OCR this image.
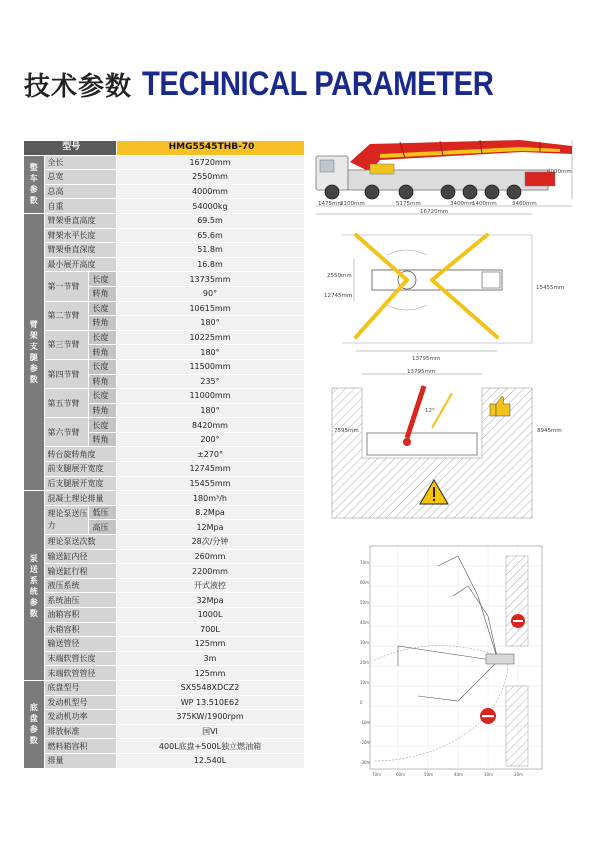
技术参数 TECHNICAL PARAMETER
型号			HMG5545THB-70
整车参数	全长		16720mm
	总宽		2550mm
	总高		4000mm
	自重		54000kg
臂架支腿参数	臂架垂直高度		69.5m
	臂架水平长度		65.6m
	臂架垂直深度		51.8m
	最小展开高度		16.8m
	第一节臂	长度	13735mm
		转角	90°
	第二节臂	长度	10615mm
		转角	180°
	第三节臂	长度	10225mm
		转角	180°
	第四节臂	长度	11500mm
		转角	235°
	第五节臂	长度	11000mm
		转角	180°
	第六节臂	长度	8420mm
		转角	200°
	转台旋转角度		±270°
	前支腿展开宽度		12745mm
	后支腿展开宽度		15455mm
泵送系统参数	混凝土理论排量		180m³/h
	理论泵送压力	低压	8.2Mpa
		高压	12Mpa
	理论泵送次数		28次/分钟
	输送缸内径		260mm
	输送缸行程		2200mm
	液压系统		开式液控
	系统油压		32Mpa
	油箱容积		1000L
	水箱容积		700L
	输送管径		125mm
	末端软管长度		3m
	末端软管管径		125mm
底盘参数	底盘型号		SX5548XDCZ2
	发动机型号		WP 13.510E62
	发动机功率		375KW/1900rpm
	排放标准		国VI
	燃料箱容积		400L底盘+500L独立燃油箱
	排量		12.540L
4000mm
1475mm
2100mm	5175mm	3400mm
1400mm	3460mm
16720mm
2550mm
12745mm
15455mm
13795mm
13795mm
12°
7595mm	8945mm
70m
60m
50m
40m
30m
20m
10m
0
-10m
-20m
-30m
70m	60m	50m	40m	30m	20m
